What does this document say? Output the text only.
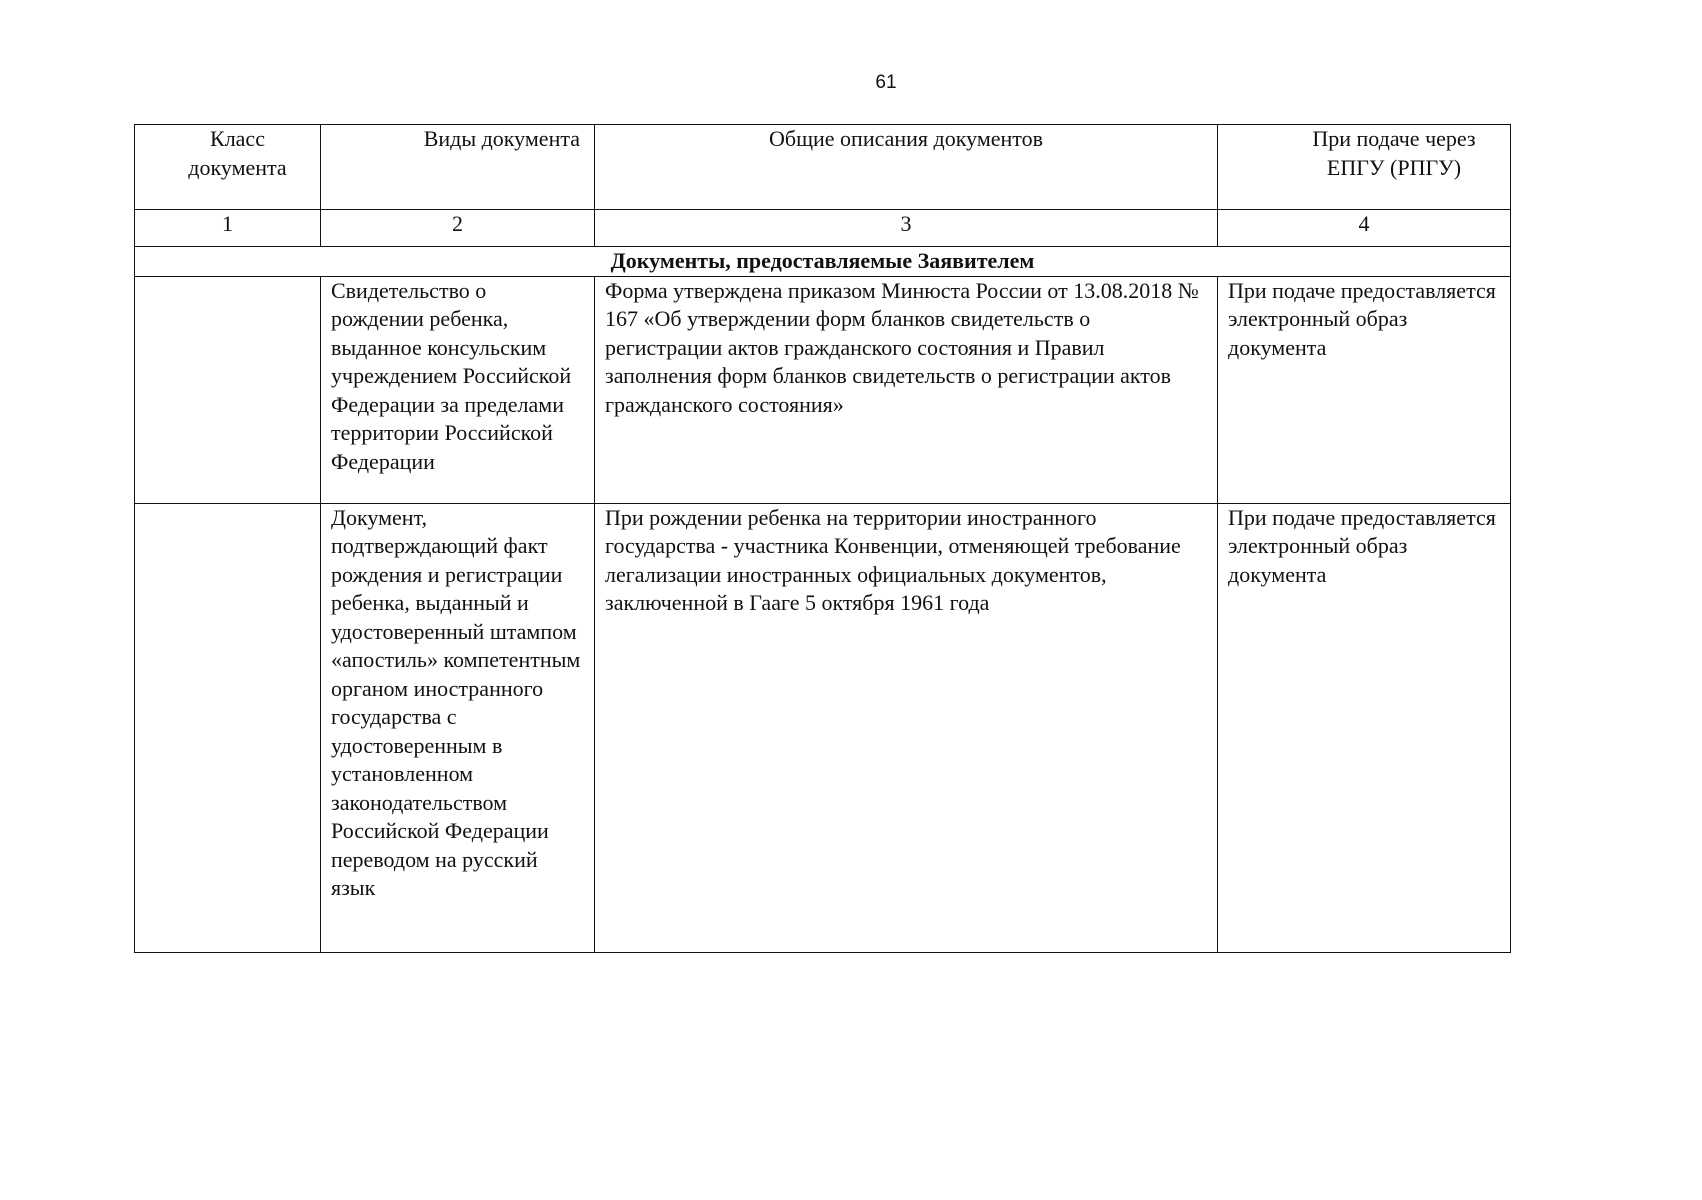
61
Класс документа	Виды документа	Общие описания документов	При подаче через ЕПГУ (РПГУ)
1	2	3	4
Документы, предоставляемые Заявителем			
	Свидетельство о рождении ребенка, выданное консульским учреждением Российской Федерации за пределами территории Российской Федерации	Форма утверждена приказом Минюста России от 13.08.2018 № 167 «Об утверждении форм бланков свидетельств о регистрации актов гражданского состояния и Правил заполнения форм бланков свидетельств о регистрации актов гражданского состояния»	При подаче предоставляется электронный образ документа
	Документ, подтверждающий факт рождения и регистрации ребенка, выданный и удостоверенный штампом «апостиль» компетентным органом иностранного государства с удостоверенным в установленном законодательством Российской Федерации переводом на русский язык	При рождении ребенка на территории иностранного государства - участника Конвенции, отменяющей требование легализации иностранных официальных документов, заключенной в Гааге 5 октября 1961 года	При подаче предоставляется электронный образ документа
